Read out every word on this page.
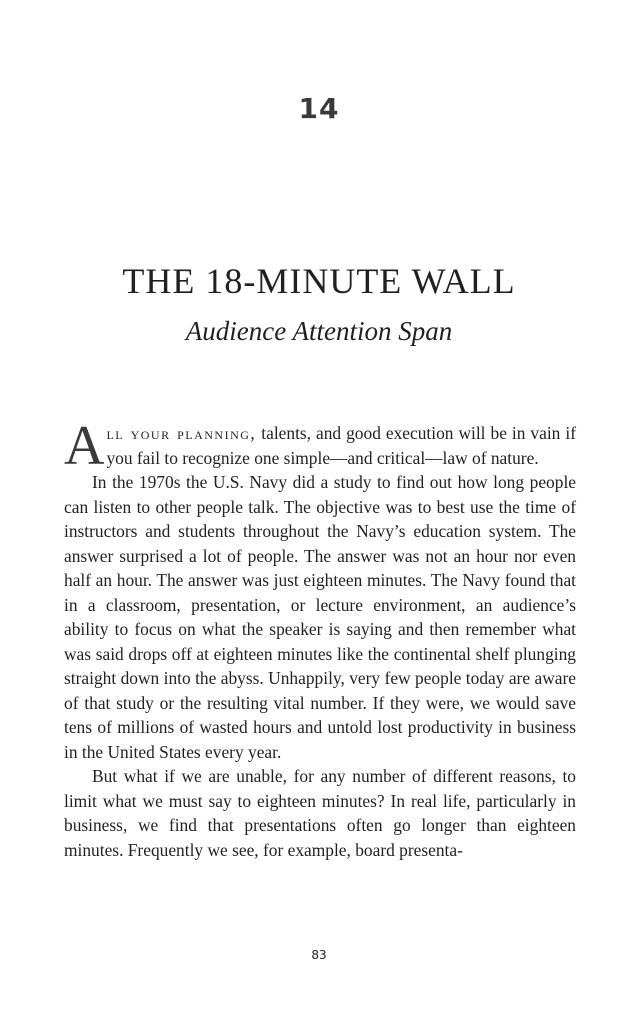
14
THE 18-MINUTE WALL
Audience Attention Span

All your planning, talents, and good execution will be in vain if you fail to recognize one simple—and critical—law of nature.

In the 1970s the U.S. Navy did a study to find out how long people can listen to other people talk. The objective was to best use the time of instructors and students throughout the Navy’s education system. The answer surprised a lot of people. The answer was not an hour nor even half an hour. The answer was just eighteen minutes. The Navy found that in a classroom, presentation, or lecture environment, an audience’s ability to focus on what the speaker is saying and then remember what was said drops off at eighteen minutes like the continental shelf plunging straight down into the abyss. Unhappily, very few people today are aware of that study or the resulting vital number. If they were, we would save tens of millions of wasted hours and untold lost productivity in business in the United States every year.

But what if we are unable, for any number of different reasons, to limit what we must say to eighteen minutes? In real life, particularly in business, we find that presentations often go longer than eighteen minutes. Frequently we see, for example, board presenta-

83
